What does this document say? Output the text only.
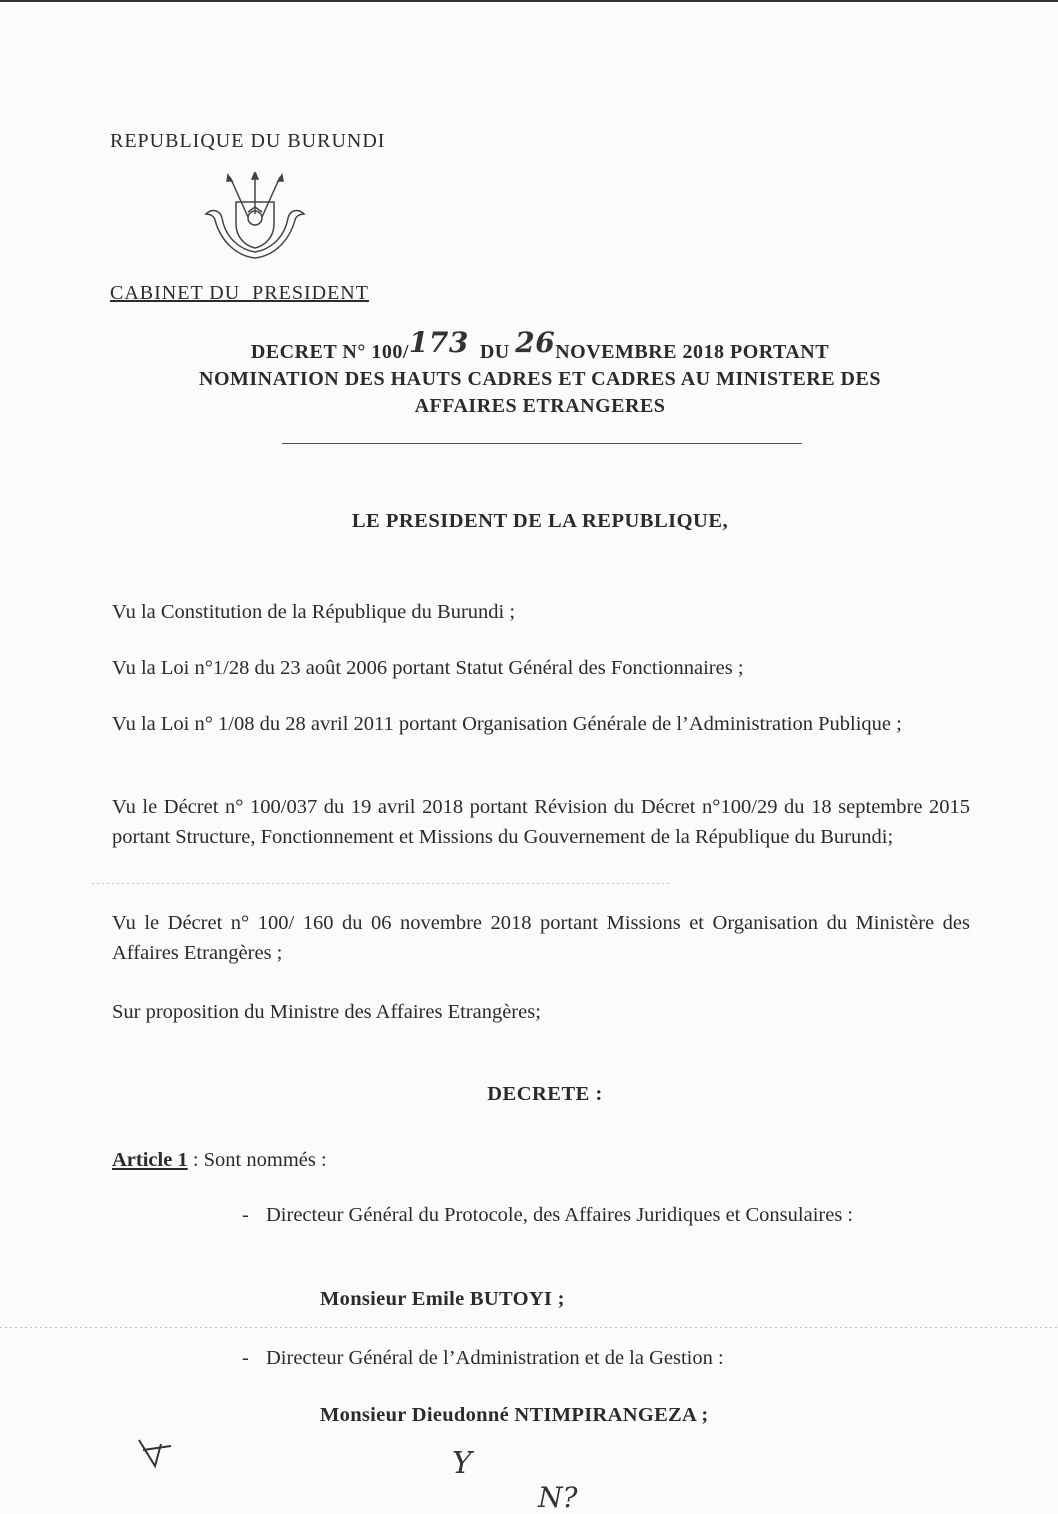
REPUBLIQUE DU BURUNDI
CABINET DU  PRESIDENT
DECRET N° 100/173 DU 26NOVEMBRE 2018 PORTANT
NOMINATION DES HAUTS CADRES ET CADRES AU MINISTERE DES
AFFAIRES ETRANGERES
LE PRESIDENT DE LA REPUBLIQUE,
Vu la Constitution de la République du Burundi ;
Vu la Loi n°1/28 du 23 août 2006 portant Statut Général des Fonctionnaires ;
Vu la Loi n° 1/08 du 28 avril 2011 portant Organisation Générale de l’Administration Publique ;
Vu le Décret n° 100/037 du 19 avril 2018 portant Révision du Décret n°100/29 du 18 septembre 2015 portant Structure, Fonctionnement et Missions du Gouvernement de la République du Burundi;
Vu le Décret n° 100/ 160 du 06 novembre 2018 portant Missions et Organisation du Ministère des Affaires Etrangères ;
Sur proposition du Ministre des Affaires Etrangères;
DECRETE :
Article 1 : Sont nommés :
- Directeur Général du Protocole, des Affaires Juridiques et Consulaires :
Monsieur Emile BUTOYI ;
- Directeur Général de l’Administration et de la Gestion :
Monsieur Dieudonné NTIMPIRANGEZA ;
Y
N?
